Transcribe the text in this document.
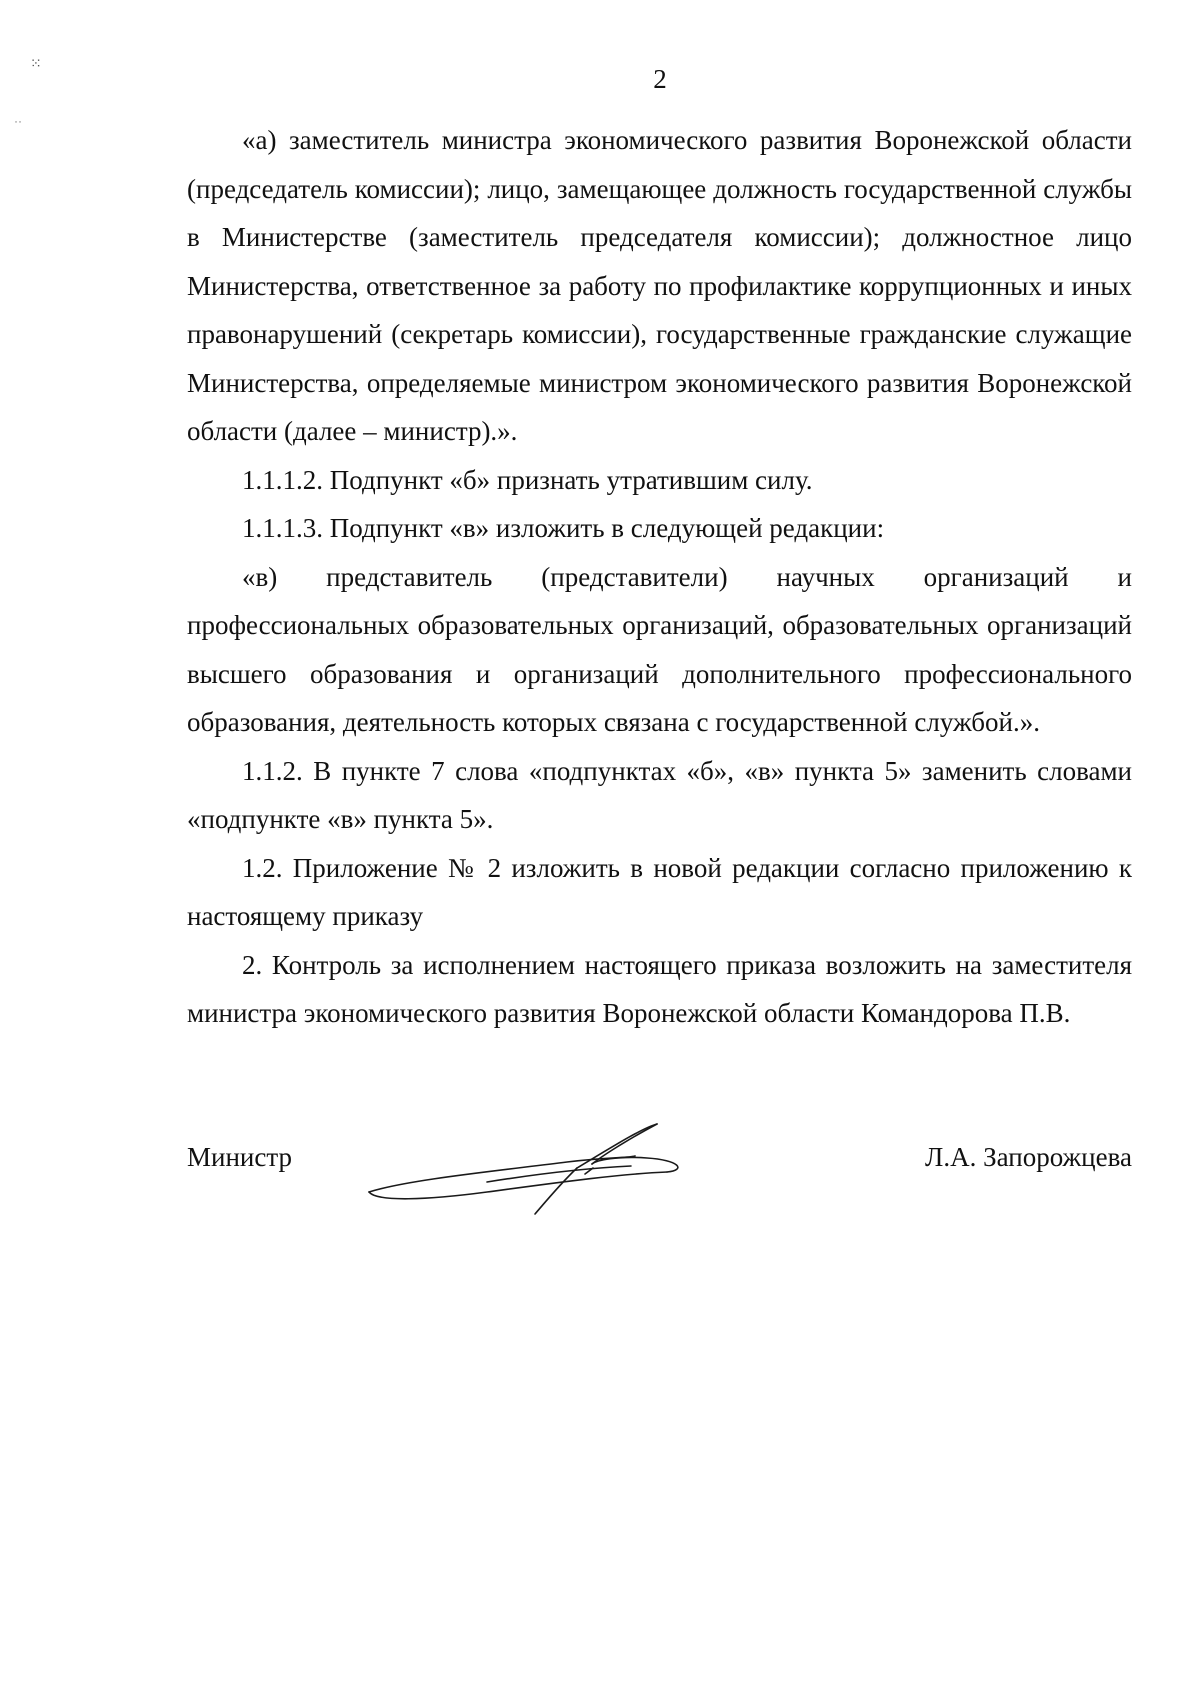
⁙
˙˙
2

«а) заместитель министра экономического развития Воронежской области (председатель комиссии); лицо, замещающее должность государственной службы в Министерстве (заместитель председателя комиссии); должностное лицо Министерства, ответственное за работу по профилактике коррупционных и иных правонарушений (секретарь комиссии), государственные гражданские служащие Министерства, определяемые министром экономического развития Воронежской области (далее – министр).».

1.1.1.2. Подпункт «б» признать утратившим силу.

1.1.1.3. Подпункт «в» изложить в следующей редакции:

«в) представитель (представители) научных организаций и профессиональных образовательных организаций, образовательных организаций высшего образования и организаций дополнительного профессионального образования, деятельность которых связана с государственной службой.».

1.1.2. В пункте 7 слова «подпунктах «б», «в» пункта 5» заменить словами «подпункте «в» пункта 5».

1.2. Приложение № 2 изложить в новой редакции согласно приложению к настоящему приказу

2. Контроль за исполнением настоящего приказа возложить на заместителя министра экономического развития Воронежской области Командорова П.В.

Министр	Л.А. Запорожцева
